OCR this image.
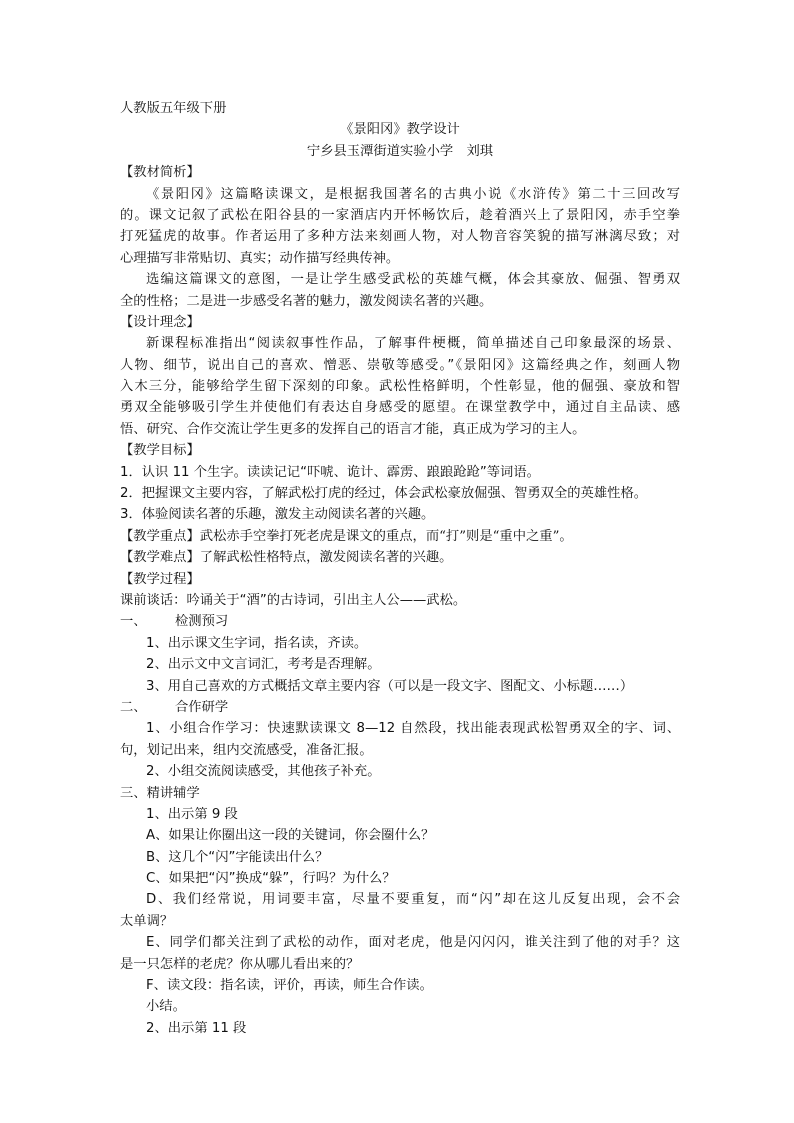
人教版五年级下册
《景阳冈》教学设计
宁乡县玉潭街道实验小学　刘琪
【教材简析】
《景阳冈》这篇略读课文，是根据我国著名的古典小说《水浒传》第二十三回改写
的。课文记叙了武松在阳谷县的一家酒店内开怀畅饮后，趁着酒兴上了景阳冈，赤手空拳
打死猛虎的故事。作者运用了多种方法来刻画人物，对人物音容笑貌的描写淋漓尽致；对
心理描写非常贴切、真实；动作描写经典传神。
选编这篇课文的意图，一是让学生感受武松的英雄气概，体会其豪放、倔强、智勇双
全的性格；二是进一步感受名著的魅力，激发阅读名著的兴趣。
【设计理念】
新课程标准指出“阅读叙事性作品，了解事件梗概，简单描述自己印象最深的场景、
人物、细节，说出自己的喜欢、憎恶、崇敬等感受。”《景阳冈》这篇经典之作，刻画人物
入木三分，能够给学生留下深刻的印象。武松性格鲜明，个性彰显，他的倔强、豪放和智
勇双全能够吸引学生并使他们有表达自身感受的愿望。在课堂教学中，通过自主品读、感
悟、研究、合作交流让学生更多的发挥自己的语言才能，真正成为学习的主人。
【教学目标】
1．认识 11 个生字。读读记记“吓唬、诡计、霹雳、踉踉跄跄”等词语。
2．把握课文主要内容，了解武松打虎的经过，体会武松豪放倔强、智勇双全的英雄性格。
3．体验阅读名著的乐趣，激发主动阅读名著的兴趣。
【教学重点】武松赤手空拳打死老虎是课文的重点，而“打”则是“重中之重”。
【教学难点】了解武松性格特点，激发阅读名著的兴趣。
【教学过程】
课前谈话：吟诵关于“酒”的古诗词，引出主人公——武松。
一、 检测预习
1、出示课文生字词，指名读，齐读。
2、出示文中文言词汇，考考是否理解。
3、用自己喜欢的方式概括文章主要内容（可以是一段文字、图配文、小标题……）
二、 合作研学
1、小组合作学习：快速默读课文 8—12 自然段，找出能表现武松智勇双全的字、词、
句，划记出来，组内交流感受，准备汇报。
2、小组交流阅读感受，其他孩子补充。
三、精讲辅学
1、出示第 9 段
A、如果让你圈出这一段的关键词，你会圈什么？
B、这几个“闪”字能读出什么？
C、如果把“闪”换成“躲”，行吗？为什么？
D、我们经常说，用词要丰富，尽量不要重复，而“闪”却在这儿反复出现，会不会
太单调？
E、同学们都关注到了武松的动作，面对老虎，他是闪闪闪，谁关注到了他的对手？这
是一只怎样的老虎？你从哪儿看出来的？
F、读文段：指名读，评价，再读，师生合作读。
小结。
2、出示第 11 段
